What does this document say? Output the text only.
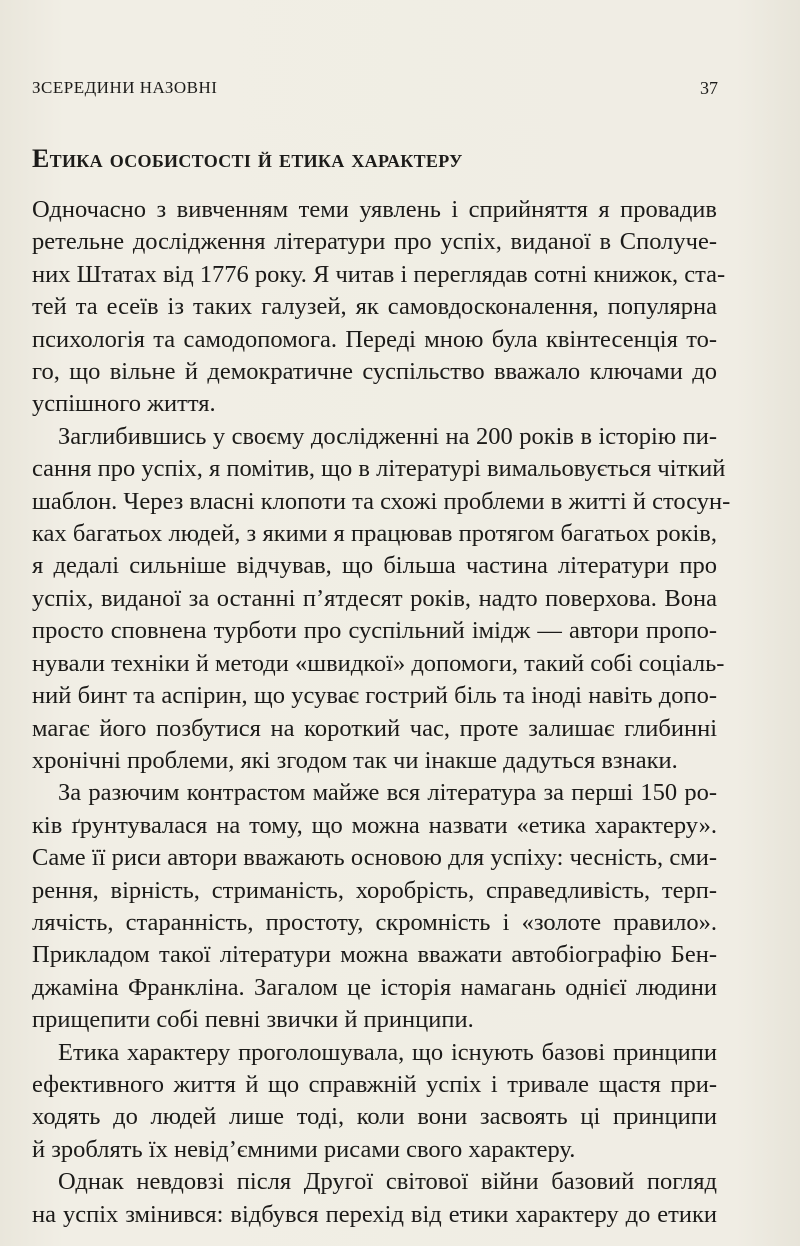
ЗСЕРЕДИНИ НАЗОВНІ	37
Етика особистості й етика характеру
Одночасно з вивченням теми уявлень і сприйняття я провадив
ретельне дослідження літератури про успіх, виданої в Сполуче-
них Штатах від 1776 року. Я читав і переглядав сотні книжок, ста-
тей та есеїв із таких галузей, як самовдосконалення, популярна
психологія та самодопомога. Переді мною була квінтесенція то-
го, що вільне й демократичне суспільство вважало ключами до
успішного життя.
Заглибившись у своєму дослідженні на 200 років в історію пи-
сання про успіх, я помітив, що в літературі вимальовується чіткий
шаблон. Через власні клопоти та схожі проблеми в житті й стосун-
ках багатьох людей, з якими я працював протягом багатьох років,
я дедалі сильніше відчував, що більша частина літератури про
успіх, виданої за останні п’ятдесят років, надто поверхова. Вона
просто сповнена турботи про суспільний імідж — автори пропо-
нували техніки й методи «швидкої» допомоги, такий собі соціаль-
ний бинт та аспірин, що усуває гострий біль та іноді навіть допо-
магає його позбутися на короткий час, проте залишає глибинні
хронічні проблеми, які згодом так чи інакше дадуться взнаки.
За разючим контрастом майже вся література за перші 150 ро-
ків ґрунтувалася на тому, що можна назвати «етика характеру».
Саме її риси автори вважають основою для успіху: чесність, сми-
рення, вірність, стриманість, хоробрість, справедливість, терп-
лячість, старанність, простоту, скромність і «золоте правило».
Прикладом такої літератури можна вважати автобіографію Бен-
джаміна Франкліна. Загалом це історія намагань однієї людини
прищепити собі певні звички й принципи.
Етика характеру проголошувала, що існують базові принципи
ефективного життя й що справжній успіх і тривале щастя при-
ходять до людей лише тоді, коли вони засвоять ці принципи
й зроблять їх невід’ємними рисами свого характеру.
Однак невдовзі після Другої світової війни базовий погляд
на успіх змінився: відбувся перехід від етики характеру до етики
